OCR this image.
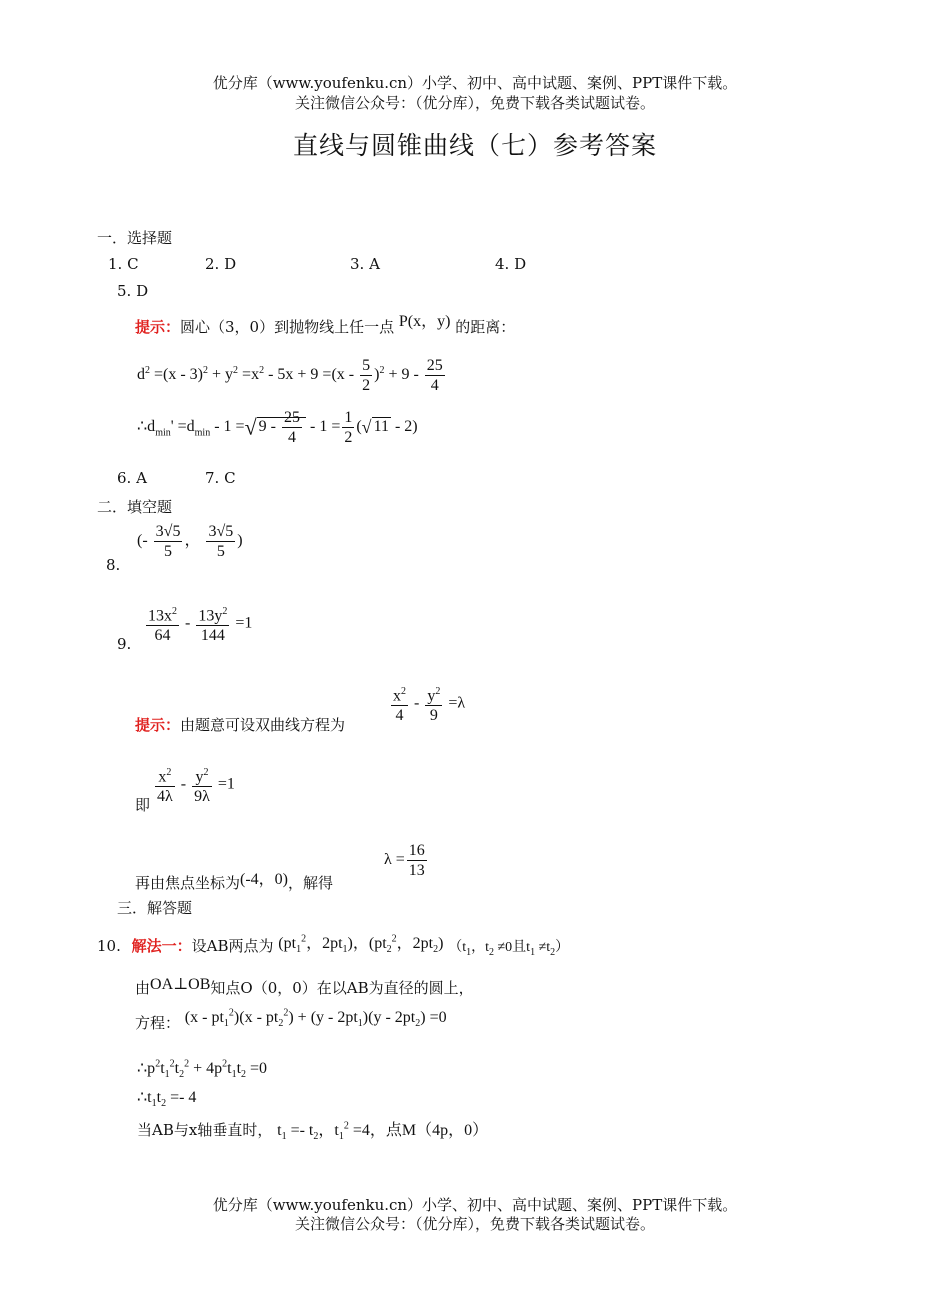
优分库（www.youfenku.cn）小学、初中、高中试题、案例、PPT课件下载。
关注微信公众号：（优分库），免费下载各类试题试卷。
直线与圆锥曲线（七）参考答案
一．选择题
1. C	2. D	3. A	4. D
5. D
提示：圆心（3，0）到抛物线上任一点 P(x，y) 的距离：
$d^2 =(x - 3)^2 + y^2 =x^2 - 5x + 9 =(x - \frac{5}{2} )^2 + 9 - \frac{25}{4}$
$\therefore d_{min}' =d_{min} - 1$ =√ $9 - \frac{25}{4} - 1 = \frac{1}{2}$ (√ 11 - 2)
6. A	7. C
二．填空题
8.
(- $\frac{3√5}{5}$ ， $\frac{3√5}{5}$ )
9. $\frac{13x^2}{64} - \frac{13y^2}{144} =1$
$\frac{x^2}{4} - \frac{y^2}{9} =\lambda$
提示：由题意可设双曲线方程为
即 $\frac{x^2}{4\lambda} - \frac{y^2}{9\lambda} =1$
再由焦点坐标为(-4，0)，解得
$\lambda = \frac{16}{13}$
三．解答题
10. 解法一：设AB两点为 ($pt_1^2$，$2pt_1$)，($pt_2^2$，$2pt_2$) （$t_1$，$t_2 \ne 0$且$t_1 \ne t_2$）
由OA⊥OB知点O（0，0）在以AB为直径的圆上，
方程： $(x - pt_1^2)(x - pt_2^2) + (y - 2pt_1)(y - 2pt_2) =0$
$\therefore p^2t_1^2t_2^2 + 4p^2t_1t_2 =0$
$\therefore t_1t_2 =- 4$
当AB与x轴垂直时， $t_1 =- t_2$，$t_1^2 =4$，点M（4p，0）
优分库（www.youfenku.cn）小学、初中、高中试题、案例、PPT课件下载。
关注微信公众号：（优分库），免费下载各类试题试卷。
